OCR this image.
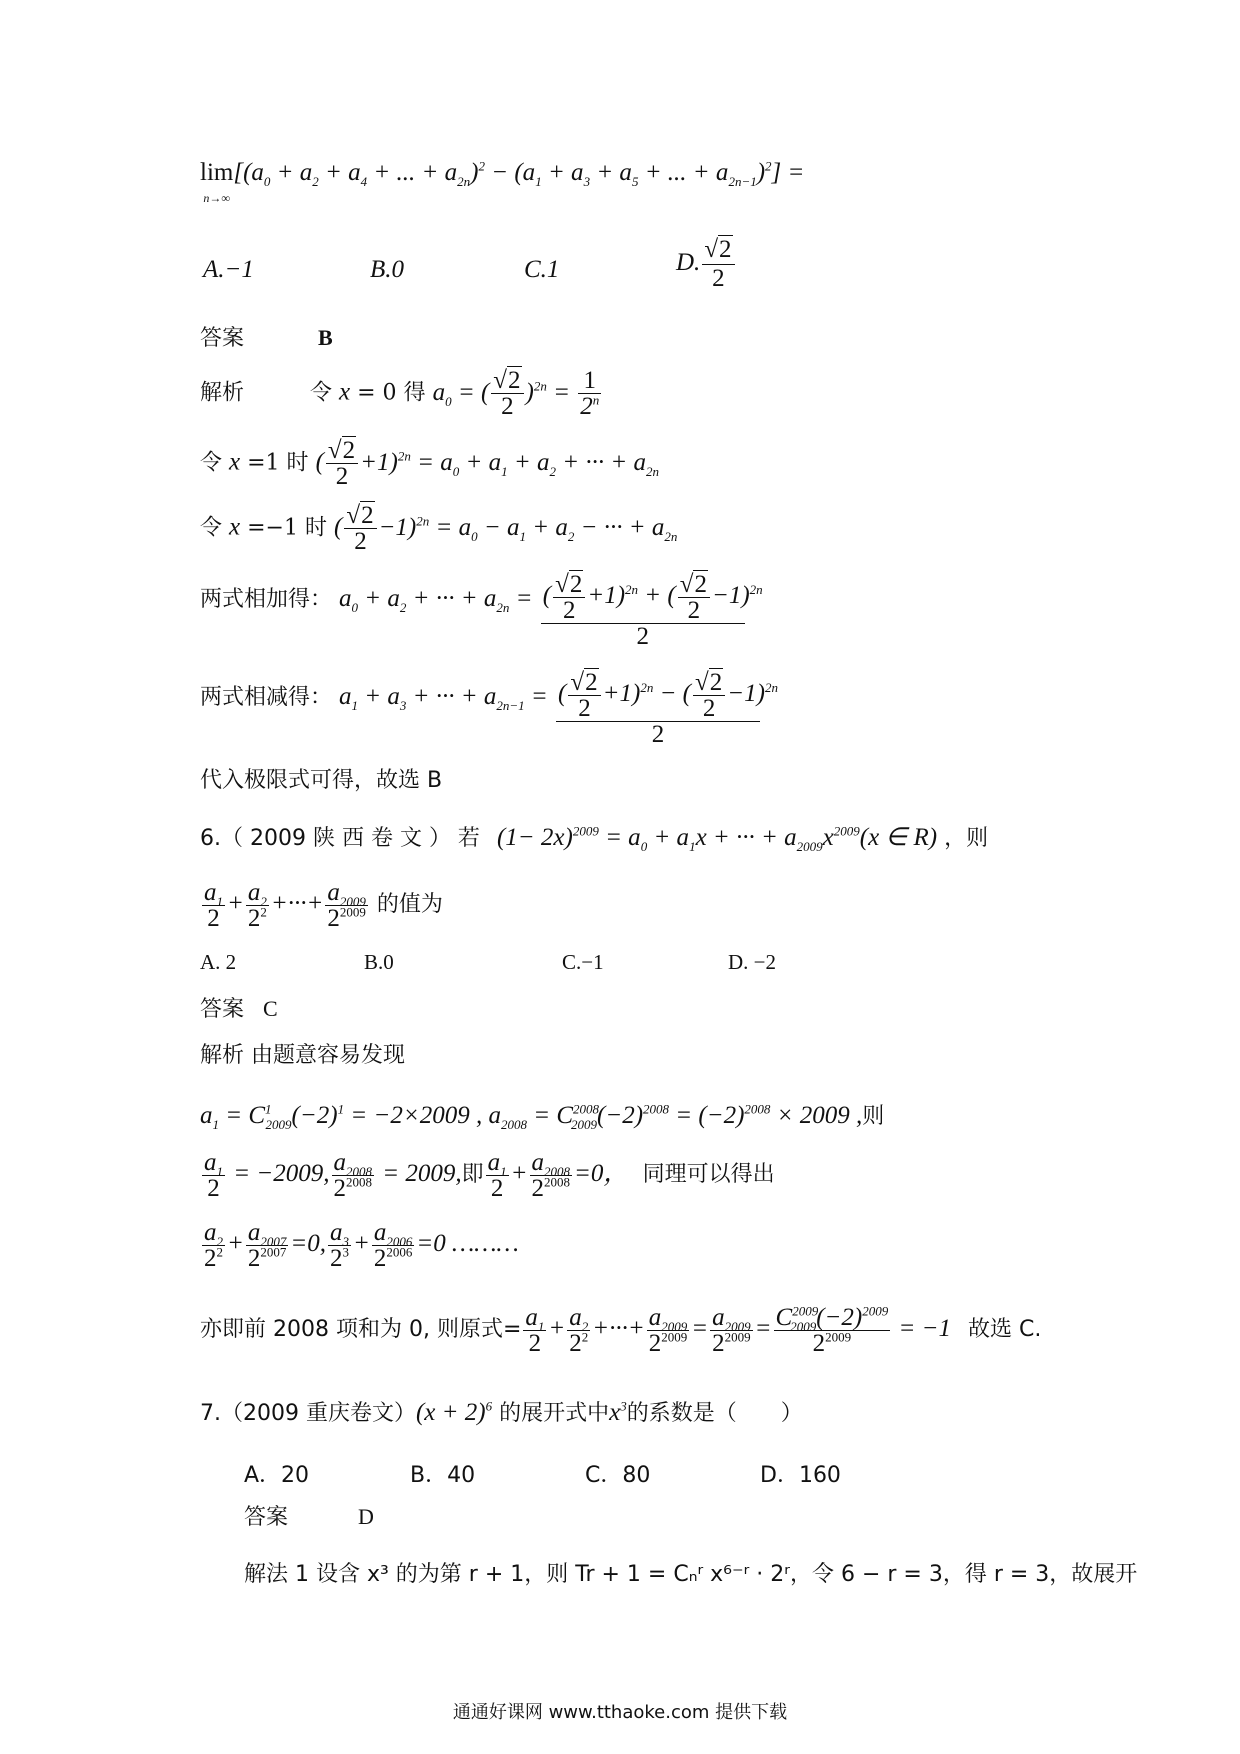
lim
$n\to\infty[(a_0 + a_2 + a_4$ + ... + $a_{2n})^2 - (a_1 + a_3 + a_5$ + ... + $a_{2n-1})^2$] =
A.−1	B.0	C.1	D. $\frac{√2}{2}$
答案	B
解析	令 x = 0 得 $a_0$ = ( $\frac{√2}{2} )^{2n} = \frac{1}{2^n}$
令 x =1 时 ( $\frac{√2}{2} +1)^{2n} = a_0 + a_1 + a_2$ + ··· + $a_{2n}$
令 x =−1 时 ( $\frac{√2}{2} -1)^{2n} = a_0 - a_1 + a_2$ − ··· + $a_{2n}$
两式相加得： $a_0 + a_2$ + ··· + $a_{2n} = \frac{( \frac{√2}{2} +1)^{2n} + ( \frac{√2}{2} -1)^{2n}}{2}$
两式相减得： $a_1 + a_3$ + ··· + $a_{2n-1} = \frac{( \frac{√2}{2} +1)^{2n} - ( \frac{√2}{2} -1)^{2n}}{2}$
代入极限式可得，故选 B
6.（ 2009 陕 西 卷 文 ） 若 $(1- 2x)^{2009} = a_0 + a_1x$ + ··· + $a_{2009}x^{2009}(x$ ∈ R) ，则
$\frac{a_1}{2} + \frac{a_2}{2^2}$ +···+ $\frac{a_{2009}}{2^{2009}}$ 的值为
A. 2	B.0	C.−1	D. −2
答案 C
解析 由题意容易发现
$a_1 = C^1_{2009}(-2)^1 = -2\times 2009$ , $a_{2008} = C^{2008}_{2009}(-2)^{2008} = (-2)^{2008} \times 2009$ ,则
$\frac{a_1}{2} = -2009$, $\frac{a_{2008}}{2^{2008}} = 2009$,即 $\frac{a_1}{2} + \frac{a_{2008}}{2^{2008}} =0$， 同理可以得出
$\frac{a_2}{2^2} + \frac{a_{2007}}{2^{2007}} =0$, $\frac{a_3}{2^3} + \frac{a_{2006}}{2^{2006}} =0$ ………
亦即前 2008 项和为 0, 则原式= $\frac{a_1}{2} + \frac{a_2}{2^2}$ +···+ $\frac{a_{2009}}{2^{2009}} = \frac{a_{2009}}{2^{2009}} = \frac{C^{2009}_{2009}(-2)^{2009}}{2^{2009}} = -1$ 故选 C.
7.（2009 重庆卷文）$(x + 2)^6$ 的展开式中$x^3$的系数是（　　）
A．20	B．40	C．80	D．160
答案	D
解法 1 设含 x³ 的为第 r + 1，则 Tr + 1 = Cₙʳ x⁶⁻ʳ · 2ʳ，令 6 − r = 3，得 r = 3，故展开
通通好课网 www.tthaoke.com 提供下载
